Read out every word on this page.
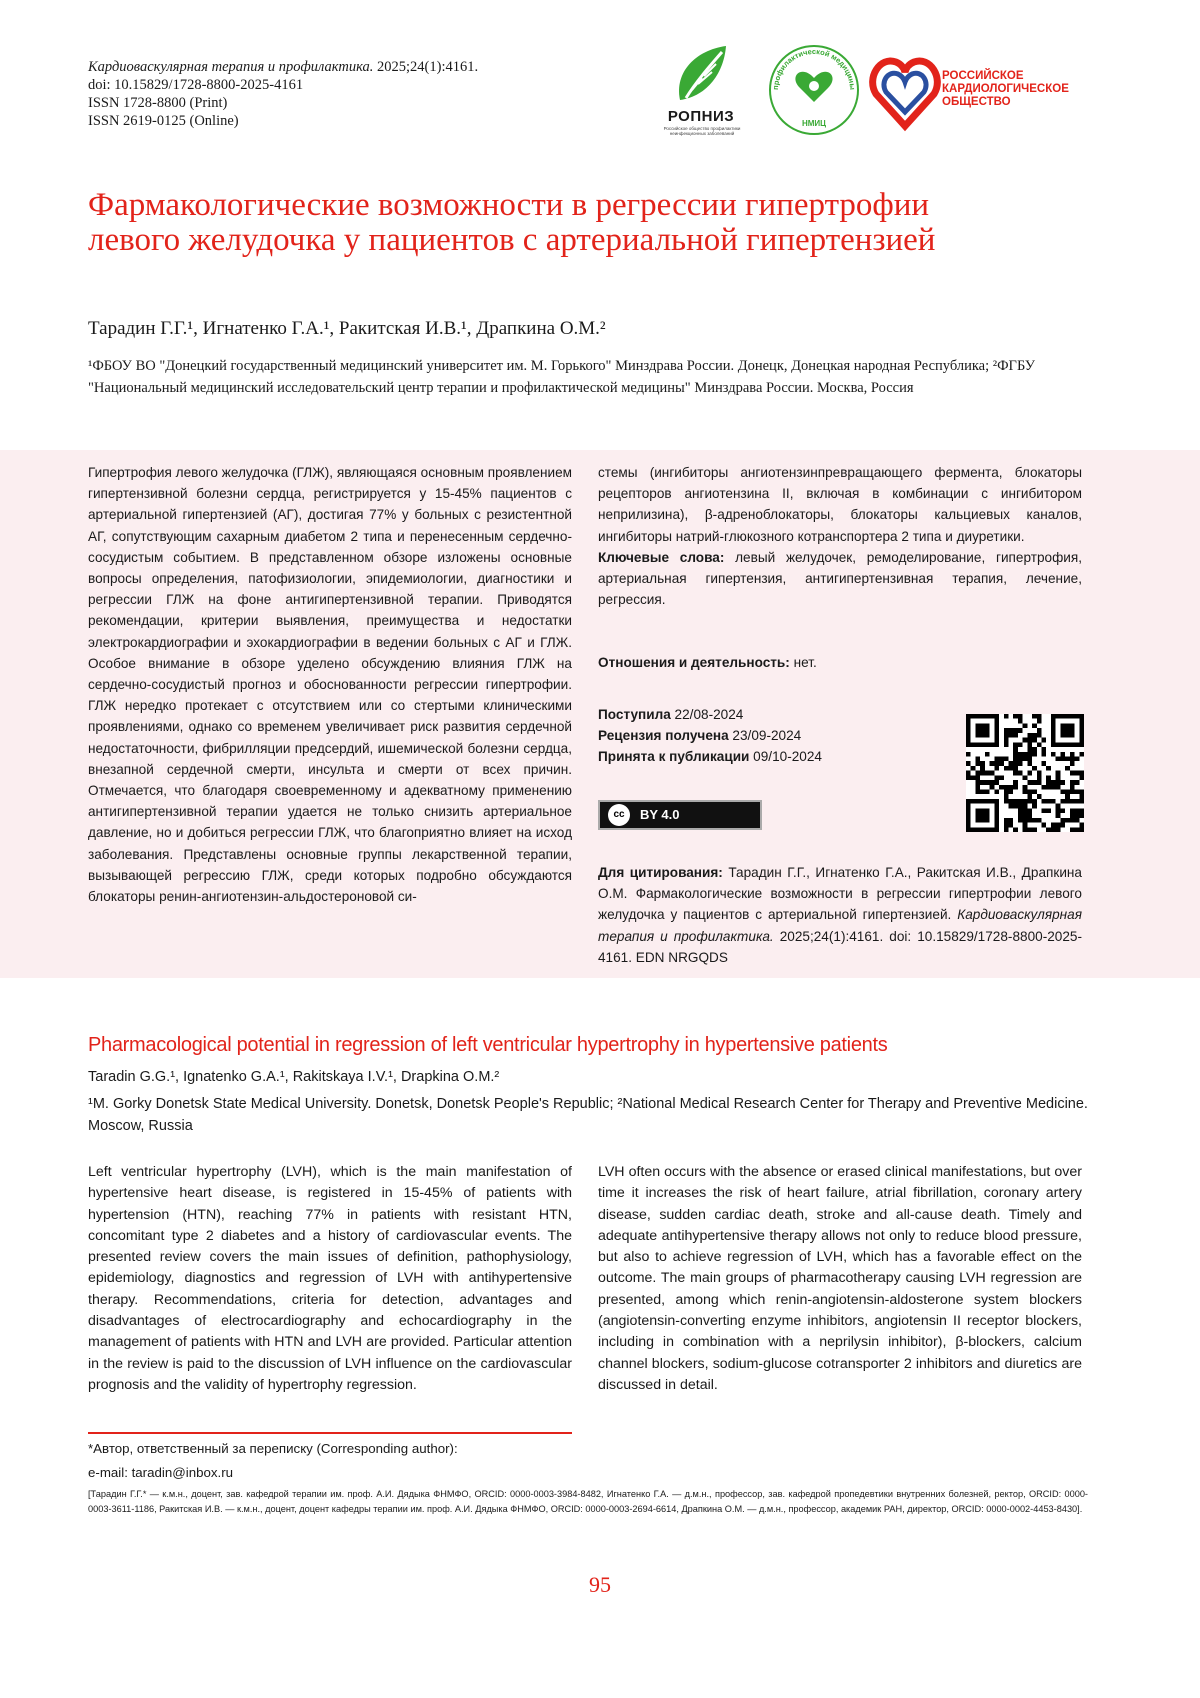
Кардиоваскулярная терапия и профилактика. 2025;24(1):4161.
doi: 10.15829/1728-8800-2025-4161
ISSN 1728-8800 (Print)
ISSN 2619-0125 (Online)	РОПНИЗ
Российское общество профилактики неинфекционных заболеваний
профилактической медицины
НМИЦ
РОССИЙСКОЕ
КАРДИОЛОГИЧЕСКОЕ
ОБЩЕСТВО
Фармакологические возможности в регрессии гипертрофии левого желудочка у пациентов с артериальной гипертензией
Тарадин Г.Г.¹, Игнатенко Г.А.¹, Ракитская И.В.¹, Драпкина О.М.²
¹ФБОУ ВО "Донецкий государственный медицинский университет им. М. Горького" Минздрава России. Донецк, Донецкая народная Республика; ²ФГБУ "Национальный медицинский исследовательский центр терапии и профилактической медицины" Минздрава России. Москва, Россия
Гипертрофия левого желудочка (ГЛЖ), являющаяся основным проявлением гипертензивной болезни сердца, регистрируется у 15-45% пациентов с артериальной гипертензией (АГ), достигая 77% у больных с резистентной АГ, сопутствующим сахарным диабетом 2 типа и перенесенным сердечно-сосудистым событием. В представленном обзоре изложены основные вопросы определения, патофизиологии, эпидемиологии, диагностики и регрессии ГЛЖ на фоне антигипертензивной терапии. Приводятся рекомендации, критерии выявления, преимущества и недостатки электрокардиографии и эхокардиографии в ведении больных с АГ и ГЛЖ. Особое внимание в обзоре уделено обсуждению влияния ГЛЖ на сердечно-сосудистый прогноз и обоснованности регрессии гипертрофии. ГЛЖ нередко протекает с отсутствием или со стертыми клиническими проявлениями, однако со временем увеличивает риск развития сердечной недостаточности, фибрилляции предсердий, ишемической болезни сердца, внезапной сердечной смерти, инсульта и смерти от всех причин. Отмечается, что благодаря своевременному и адекватному применению антигипертензивной терапии удается не только снизить артериальное давление, но и добиться регрессии ГЛЖ, что благоприятно влияет на исход заболевания. Представлены основные группы лекарственной терапии, вызывающей регрессию ГЛЖ, среди которых подробно обсуждаются блокаторы ренин-ангиотензин-альдостероновой си-
стемы (ингибиторы ангиотензинпревращающего фермента, блокаторы рецепторов ангиотензина II, включая в комбинации с ингибитором неприлизина), β-адреноблокаторы, блокаторы кальциевых каналов, ингибиторы натрий-глюкозного котранспортера 2 типа и диуретики.
Ключевые слова: левый желудочек, ремоделирование, гипертрофия, артериальная гипертензия, антигипертензивная терапия, лечение, регрессия.
Отношения и деятельность: нет.
Поступила 22/08-2024
Рецензия получена 23/09-2024
Принята к публикации 09/10-2024
cc	BY 4.0
Для цитирования: Тарадин Г.Г., Игнатенко Г.А., Ракитская И.В., Драпкина О.М. Фармакологические возможности в регрессии гипертрофии левого желудочка у пациентов с артериальной гипертензией. Кардиоваскулярная терапия и профилактика. 2025;24(1):4161. doi: 10.15829/1728-8800-2025-4161. EDN NRGQDS
Pharmacological potential in regression of left ventricular hypertrophy in hypertensive patients
Taradin G.G.¹, Ignatenko G.A.¹, Rakitskaya I.V.¹, Drapkina O.M.²
¹M. Gorky Donetsk State Medical University. Donetsk, Donetsk People's Republic; ²National Medical Research Center for Therapy and Preventive Medicine. Moscow, Russia
Left ventricular hypertrophy (LVH), which is the main manifestation of hypertensive heart disease, is registered in 15-45% of patients with hypertension (HTN), reaching 77% in patients with resistant HTN, concomitant type 2 diabetes and a history of cardiovascular events. The presented review covers the main issues of definition, pathophysiology, epidemiology, diagnostics and regression of LVH with antihypertensive therapy. Recommendations, criteria for detection, advantages and disadvantages of electrocardiography and echocardiography in the management of patients with HTN and LVH are provided. Particular attention in the review is paid to the discussion of LVH influence on the cardiovascular prognosis and the validity of hypertrophy regression.
LVH often occurs with the absence or erased clinical manifestations, but over time it increases the risk of heart failure, atrial fibrillation, coronary artery disease, sudden cardiac death, stroke and all-cause death. Timely and adequate antihypertensive therapy allows not only to reduce blood pressure, but also to achieve regression of LVH, which has a favorable effect on the outcome. The main groups of pharmacotherapy causing LVH regression are presented, among which renin-angiotensin-aldosterone system blockers (angiotensin-converting enzyme inhibitors, angiotensin II receptor blockers, including in combination with a neprilysin inhibitor), β-blockers, calcium channel blockers, sodium-glucose cotransporter 2 inhibitors and diuretics are discussed in detail.
*Автор, ответственный за переписку (Corresponding author):
e-mail: taradin@inbox.ru
[Тарадин Г.Г.* — к.м.н., доцент, зав. кафедрой терапии им. проф. А.И. Дядыка ФНМФО, ORCID: 0000-0003-3984-8482, Игнатенко Г.А. — д.м.н., профессор, зав. кафедрой пропедевтики внутренних болезней, ректор, ORCID: 0000-0003-3611-1186, Ракитская И.В. — к.м.н., доцент, доцент кафедры терапии им. проф. А.И. Дядыка ФНМФО, ORCID: 0000-0003-2694-6614, Драпкина О.М. — д.м.н., профессор, академик РАН, директор, ORCID: 0000-0002-4453-8430].
95
